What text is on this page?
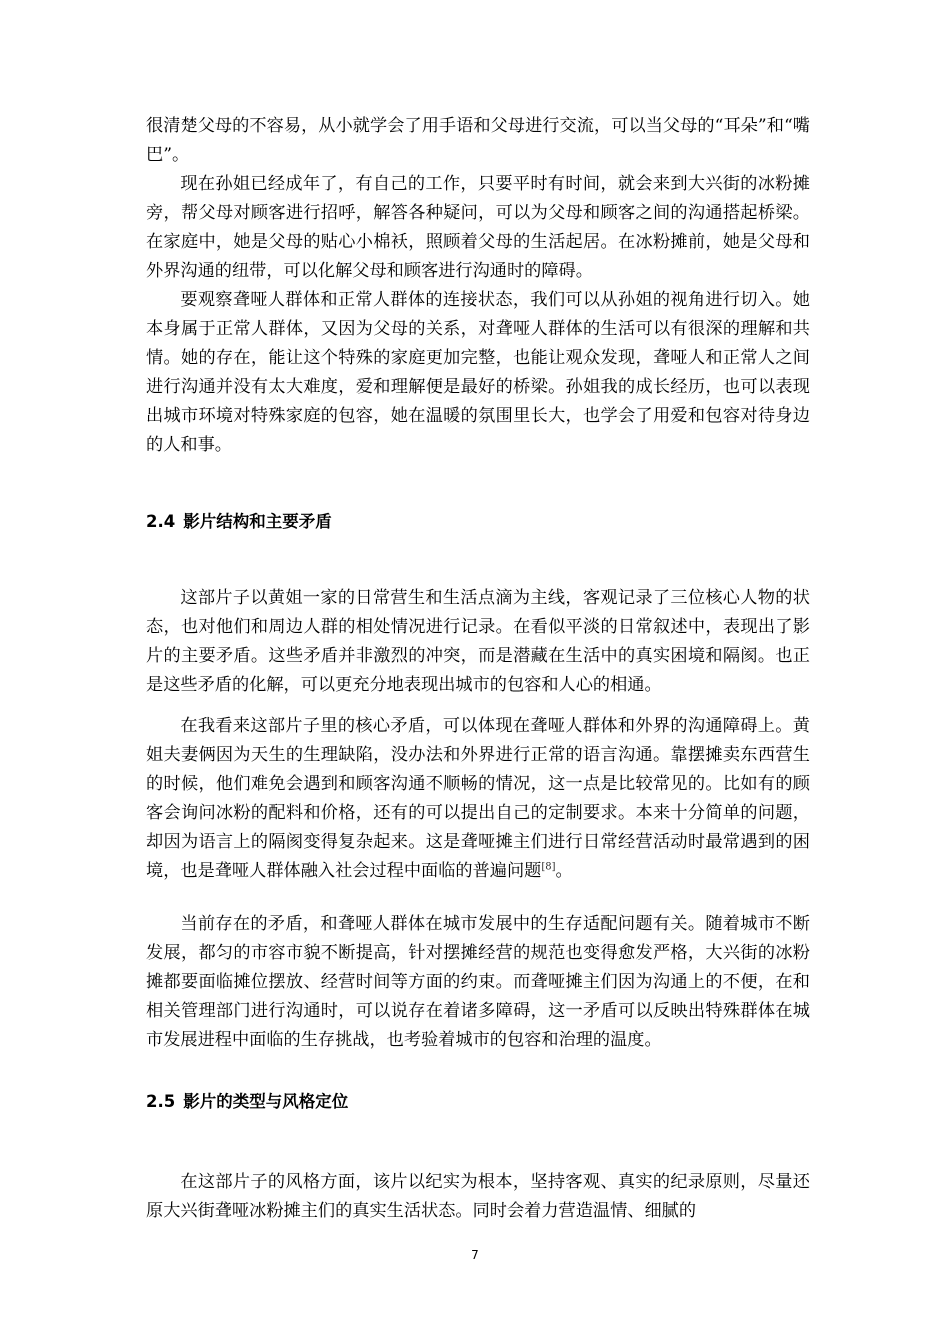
很清楚父母的不容易，从小就学会了用手语和父母进行交流，可以当父母的“耳朵”和“嘴巴”。

现在孙姐已经成年了，有自己的工作，只要平时有时间，就会来到大兴街的冰粉摊旁，帮父母对顾客进行招呼，解答各种疑问，可以为父母和顾客之间的沟通搭起桥梁。在家庭中，她是父母的贴心小棉袄，照顾着父母的生活起居。在冰粉摊前，她是父母和外界沟通的纽带，可以化解父母和顾客进行沟通时的障碍。

要观察聋哑人群体和正常人群体的连接状态，我们可以从孙姐的视角进行切入。她本身属于正常人群体，又因为父母的关系，对聋哑人群体的生活可以有很深的理解和共情。她的存在，能让这个特殊的家庭更加完整，也能让观众发现，聋哑人和正常人之间进行沟通并没有太大难度，爱和理解便是最好的桥梁。孙姐我的成长经历，也可以表现出城市环境对特殊家庭的包容，她在温暖的氛围里长大，也学会了用爱和包容对待身边的人和事。

2.4 影片结构和主要矛盾

这部片子以黄姐一家的日常营生和生活点滴为主线，客观记录了三位核心人物的状态，也对他们和周边人群的相处情况进行记录。在看似平淡的日常叙述中，表现出了影片的主要矛盾。这些矛盾并非激烈的冲突，而是潜藏在生活中的真实困境和隔阂。也正是这些矛盾的化解，可以更充分地表现出城市的包容和人心的相通。

在我看来这部片子里的核心矛盾，可以体现在聋哑人群体和外界的沟通障碍上。黄姐夫妻俩因为天生的生理缺陷，没办法和外界进行正常的语言沟通。靠摆摊卖东西营生的时候，他们难免会遇到和顾客沟通不顺畅的情况，这一点是比较常见的。比如有的顾客会询问冰粉的配料和价格，还有的可以提出自己的定制要求。本来十分简单的问题，却因为语言上的隔阂变得复杂起来。这是聋哑摊主们进行日常经营活动时最常遇到的困境，也是聋哑人群体融入社会过程中面临的普遍问题[8]。

当前存在的矛盾，和聋哑人群体在城市发展中的生存适配问题有关。随着城市不断发展，都匀的市容市貌不断提高，针对摆摊经营的规范也变得愈发严格，大兴街的冰粉摊都要面临摊位摆放、经营时间等方面的约束。而聋哑摊主们因为沟通上的不便，在和相关管理部门进行沟通时，可以说存在着诸多障碍，这一矛盾可以反映出特殊群体在城市发展进程中面临的生存挑战，也考验着城市的包容和治理的温度。

2.5 影片的类型与风格定位

在这部片子的风格方面，该片以纪实为根本，坚持客观、真实的纪录原则，尽量还原大兴街聋哑冰粉摊主们的真实生活状态。同时会着力营造温情、细腻的

7
